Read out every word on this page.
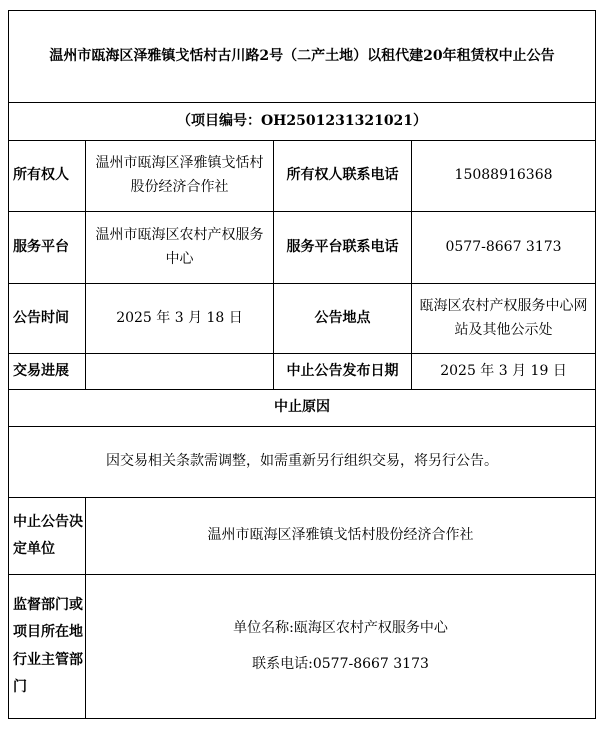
温州市瓯海区泽雅镇戈恬村古川路2号（二产土地）以租代建20年租赁权中止公告			
（项目编号：OH2501231321021）			
所有权人	温州市瓯海区泽雅镇戈恬村股份经济合作社	所有权人联系电话	15088916368
服务平台	温州市瓯海区农村产权服务中心	服务平台联系电话	0577-8667 3173
公告时间	2025 年 3 月 18 日	公告地点	瓯海区农村产权服务中心网站及其他公示处
交易进展		中止公告发布日期	2025 年 3 月 19 日
中止原因			
因交易相关条款需调整，如需重新另行组织交易，将另行公告。			
中止公告决定单位	温州市瓯海区泽雅镇戈恬村股份经济合作社		
监督部门或项目所在地行业主管部门	单位名称:瓯海区农村产权服务中心
联系电话:0577-8667 3173		
